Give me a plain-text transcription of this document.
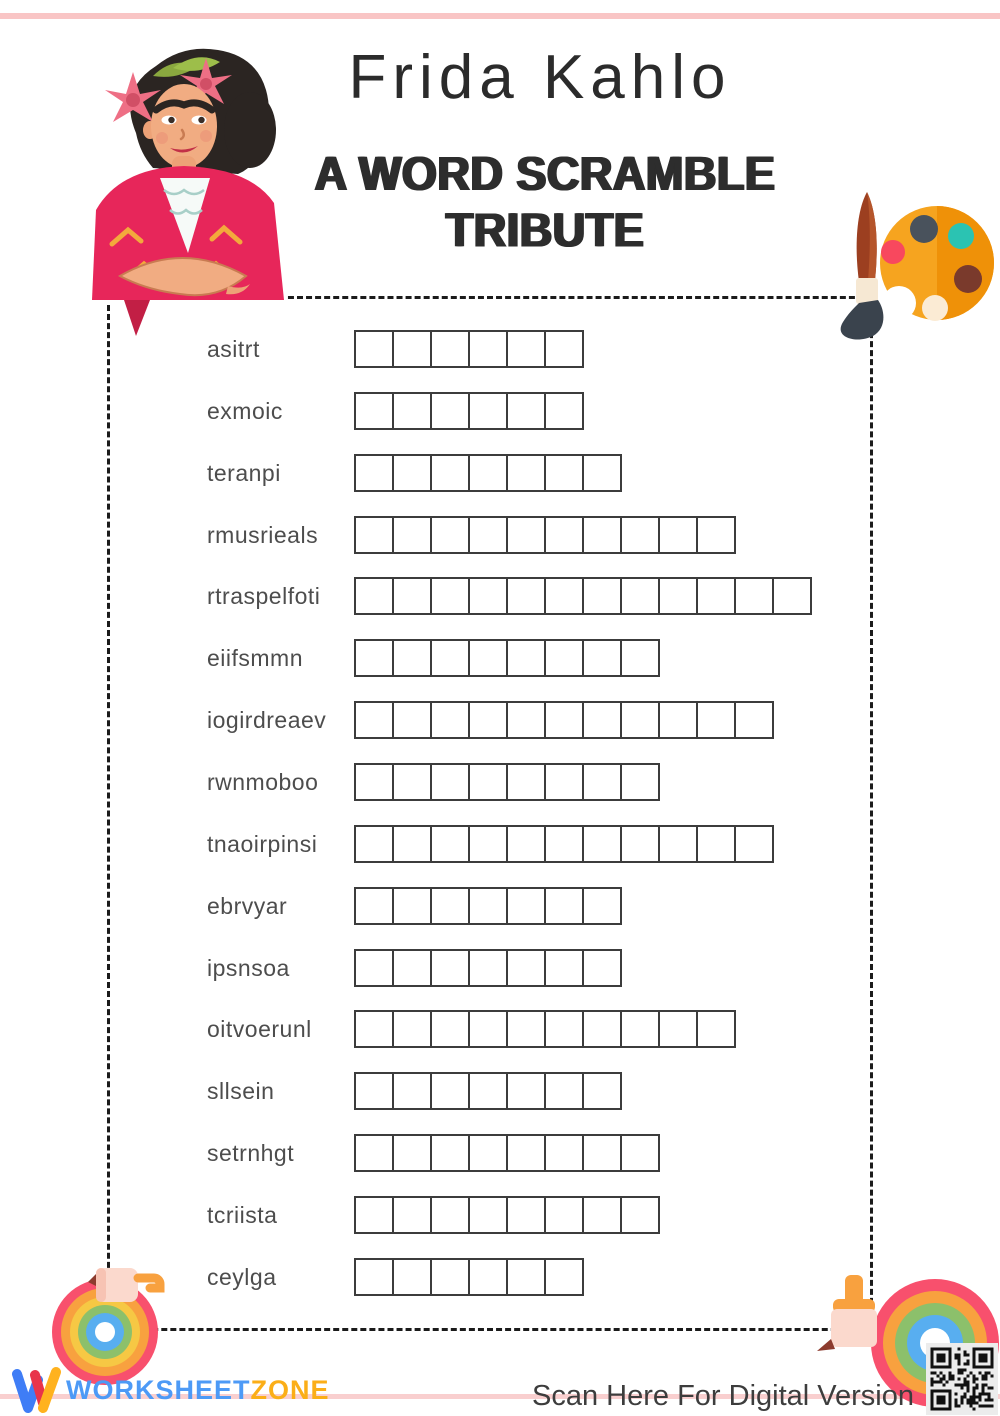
Frida Kahlo
A WORD SCRAMBLE TRIBUTE
asitrt
exmoic
teranpi
rmusrieals
rtraspelfoti
eiifsmmn
iogirdreaev
rwnmoboo
tnaoirpinsi
ebrvyar
ipsnsoa
oitvoerunl
sllsein
setrnhgt
tcriista
ceylga
WORKSHEETZONE	Scan Here For Digital Version
